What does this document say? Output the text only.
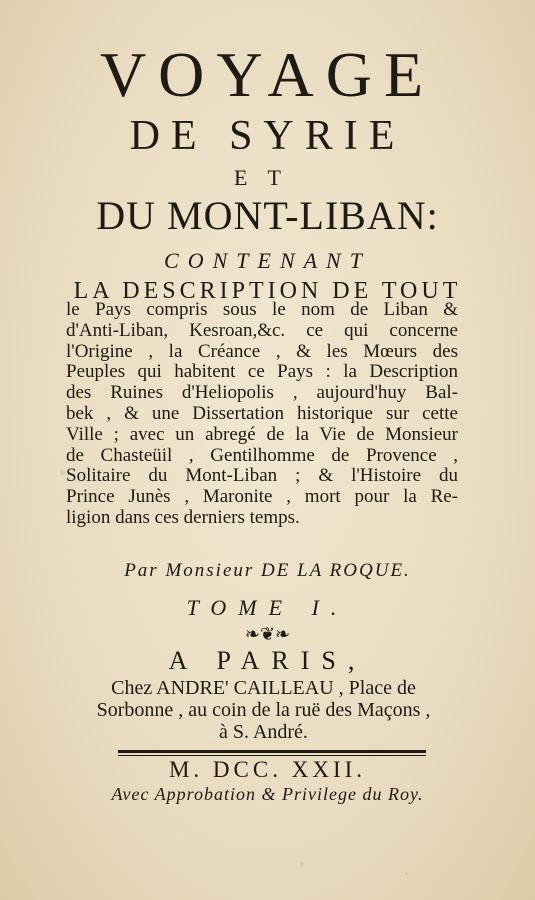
VOYAGE
DE SYRIE
ET
DU MONT-LIBAN:
CONTENANT
LA DESCRIPTION DE TOUT
le Pays compris sous le nom de Liban &
d'Anti-Liban, Kesroan,&c. ce qui concerne
l'Origine , la Créance , & les Mœurs des
Peuples qui habitent ce Pays : la Description
des Ruines d'Heliopolis , aujourd'huy Bal-
bek , & une Dissertation historique sur cette
Ville ; avec un abregé de la Vie de Monsieur
de Chasteüil , Gentilhomme de Provence ,
Solitaire du Mont-Liban ; & l'Histoire du
Prince Junès , Maronite , mort pour la Re-
ligion dans ces derniers temps.
Par Monsieur DE LA ROQUE.
TOME I.
❧❦❧
A PARIS,
Chez ANDRE' CAILLEAU , Place de
Sorbonne , au coin de la ruë des Maçons ,
à S. André.
M. DCC. XXII.
Avec Approbation & Privilege du Roy.
